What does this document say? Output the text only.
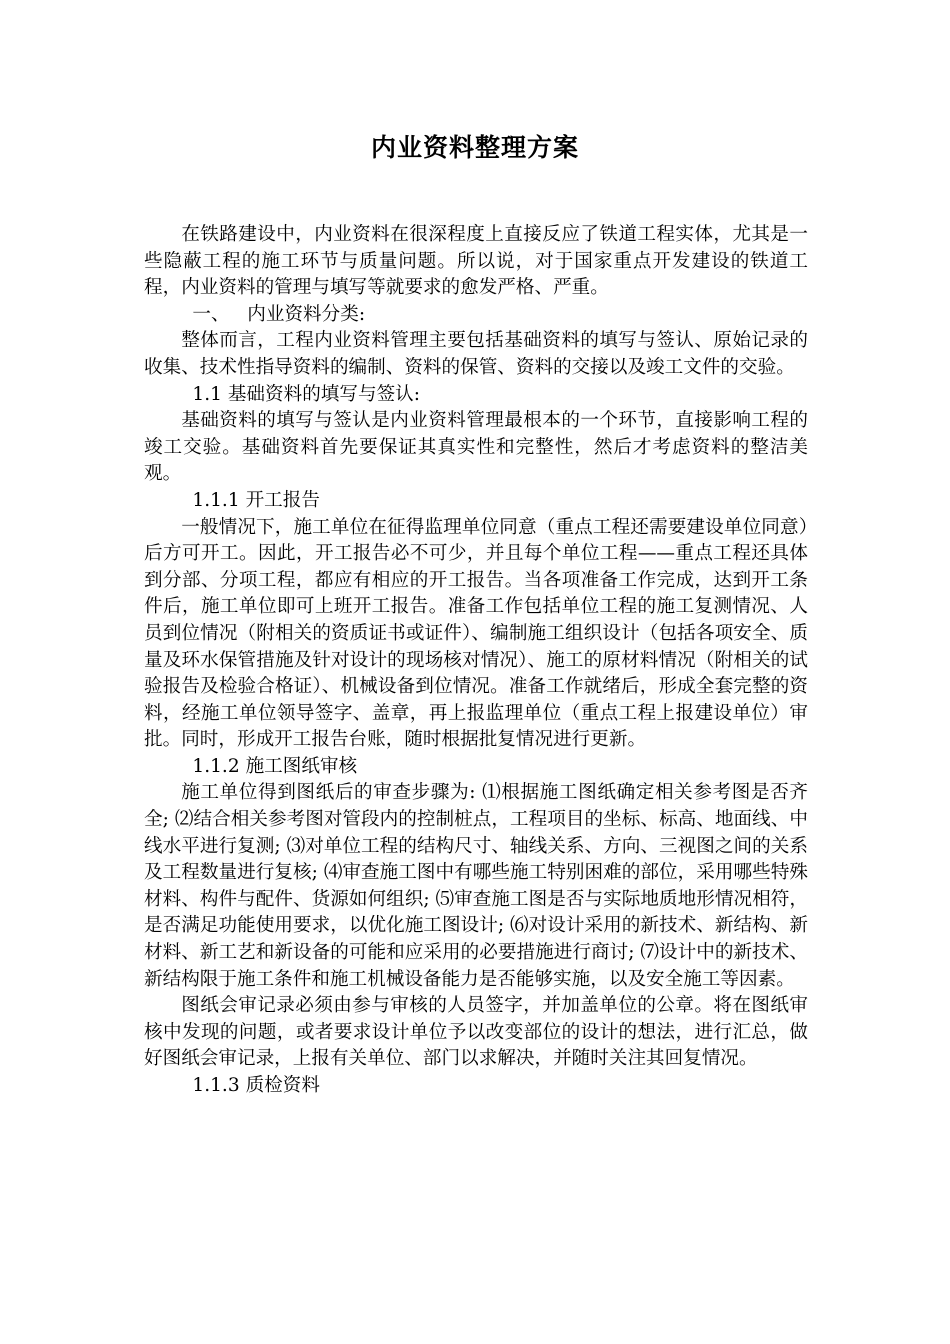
内业资料整理方案

在铁路建设中，内业资料在很深程度上直接反应了铁道工程实体，尤其是一些隐蔽工程的施工环节与质量问题。所以说，对于国家重点开发建设的铁道工程，内业资料的管理与填写等就要求的愈发严格、严重。

一、   内业资料分类:

整体而言，工程内业资料管理主要包括基础资料的填写与签认、原始记录的收集、技术性指导资料的编制、资料的保管、资料的交接以及竣工文件的交验。

1.1 基础资料的填写与签认:

基础资料的填写与签认是内业资料管理最根本的一个环节，直接影响工程的竣工交验。基础资料首先要保证其真实性和完整性，然后才考虑资料的整洁美观。

1.1.1 开工报告

一般情况下，施工单位在征得监理单位同意（重点工程还需要建设单位同意）后方可开工。因此，开工报告必不可少，并且每个单位工程——重点工程还具体到分部、分项工程，都应有相应的开工报告。当各项准备工作完成，达到开工条件后，施工单位即可上班开工报告。准备工作包括单位工程的施工复测情况、人员到位情况（附相关的资质证书或证件）、编制施工组织设计（包括各项安全、质量及环水保管措施及针对设计的现场核对情况）、施工的原材料情况（附相关的试验报告及检验合格证）、机械设备到位情况。准备工作就绪后，形成全套完整的资料，经施工单位领导签字、盖章，再上报监理单位（重点工程上报建设单位）审批。同时，形成开工报告台账，随时根据批复情况进行更新。

1.1.2 施工图纸审核

施工单位得到图纸后的审查步骤为: ⑴根据施工图纸确定相关参考图是否齐全; ⑵结合相关参考图对管段内的控制桩点，工程项目的坐标、标高、地面线、中线水平进行复测; ⑶对单位工程的结构尺寸、轴线关系、方向、三视图之间的关系及工程数量进行复核; ⑷审查施工图中有哪些施工特别困难的部位，采用哪些特殊材料、构件与配件、货源如何组织; ⑸审查施工图是否与实际地质地形情况相符，是否满足功能使用要求，以优化施工图设计; ⑹对设计采用的新技术、新结构、新材料、新工艺和新设备的可能和应采用的必要措施进行商讨; ⑺设计中的新技术、新结构限于施工条件和施工机械设备能力是否能够实施，以及安全施工等因素。

图纸会审记录必须由参与审核的人员签字，并加盖单位的公章。将在图纸审核中发现的问题，或者要求设计单位予以改变部位的设计的想法，进行汇总，做好图纸会审记录，上报有关单位、部门以求解决，并随时关注其回复情况。

1.1.3 质检资料
